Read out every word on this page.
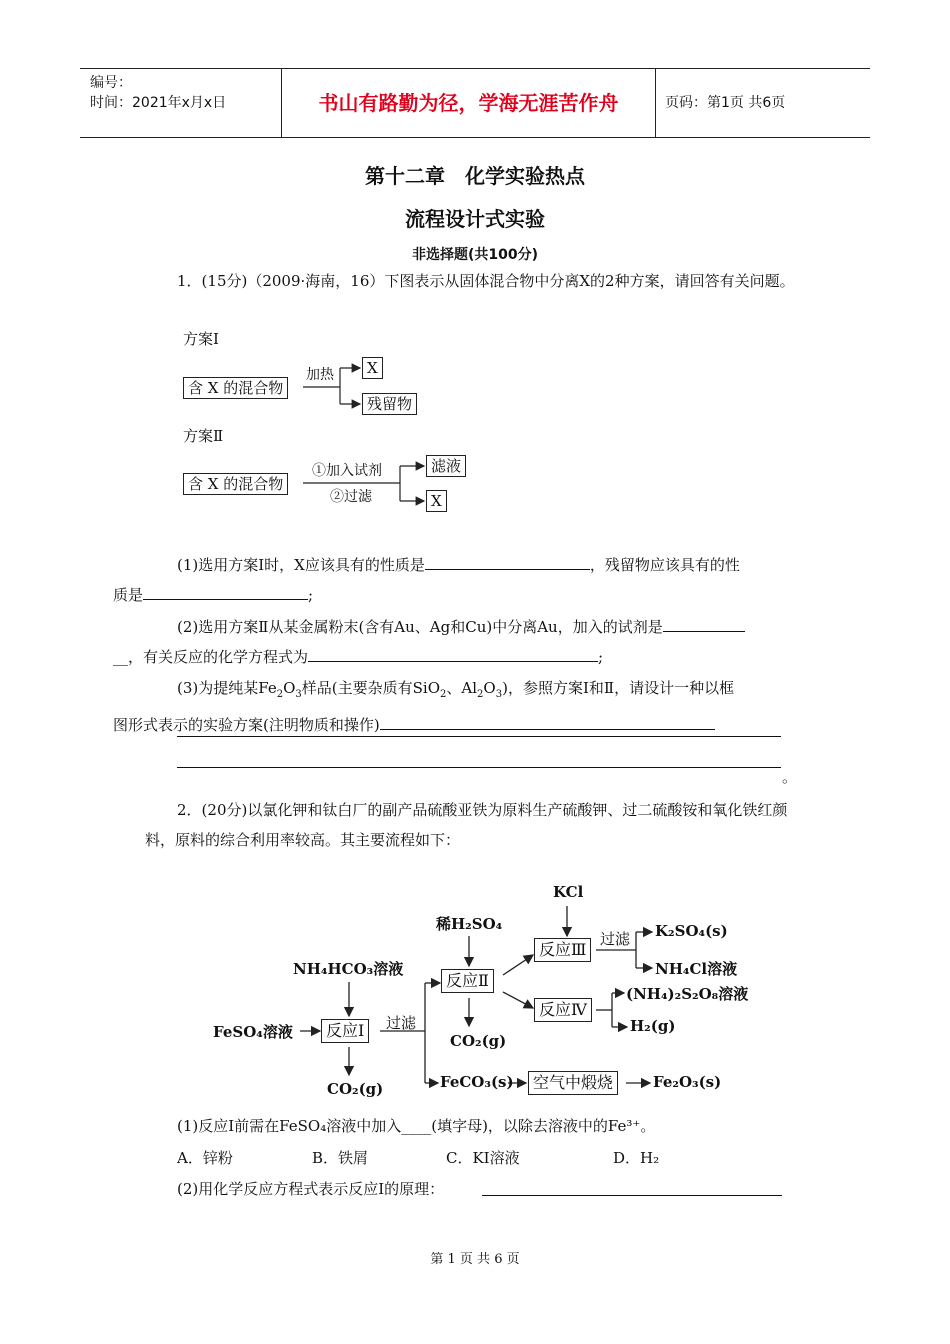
编号：
时间：2021年x月x日	书山有路勤为径，学海无涯苦作舟	页码：第1页 共6页
第十二章　化学实验热点
流程设计式实验
非选择题(共100分)
1．(15分)（2009·海南，16）下图表示从固体混合物中分离X的2种方案，请回答有关问题。
方案Ⅰ
含 X 的混合物
加热	X
残留物
方案Ⅱ
含 X 的混合物
①加入试剂
②过滤
滤液
X
(1)选用方案Ⅰ时，X应该具有的性质是	，残留物应该具有的性
质是	;
(2)选用方案Ⅱ从某金属粉末(含有Au、Ag和Cu)中分离Au，加入的试剂是
__，有关反应的化学方程式为	;
(3)为提纯某$Fe_2O_3$样品(主要杂质有SiO$_2$、$Al_2O_3$)，参照方案Ⅰ和Ⅱ，请设计一种以框
图形式表示的实验方案(注明物质和操作)
。
2．(20分)以氯化钾和钛白厂的副产品硫酸亚铁为原料生产硫酸钾、过二硫酸铵和氧化铁红颜料，原料的综合利用率较高。其主要流程如下：
KCl
稀H₂SO₄
NH₄HCO₃溶液
FeSO₄溶液	反应Ⅰ	过滤
反应Ⅱ
反应Ⅲ
过滤
反应Ⅳ
K₂SO₄(s)
NH₄Cl溶液
(NH₄)₂S₂O₈溶液
H₂(g)
CO₂(g)
CO₂(g)	FeCO₃(s)	空气中煅烧	Fe₂O₃(s)
(1)反应Ⅰ前需在FeSO₄溶液中加入____(填字母)，以除去溶液中的Fe³⁺。
A．锌粉	B．铁屑	C．KI溶液	D．H₂
(2)用化学反应方程式表示反应Ⅰ的原理：
第 1 页 共 6 页
